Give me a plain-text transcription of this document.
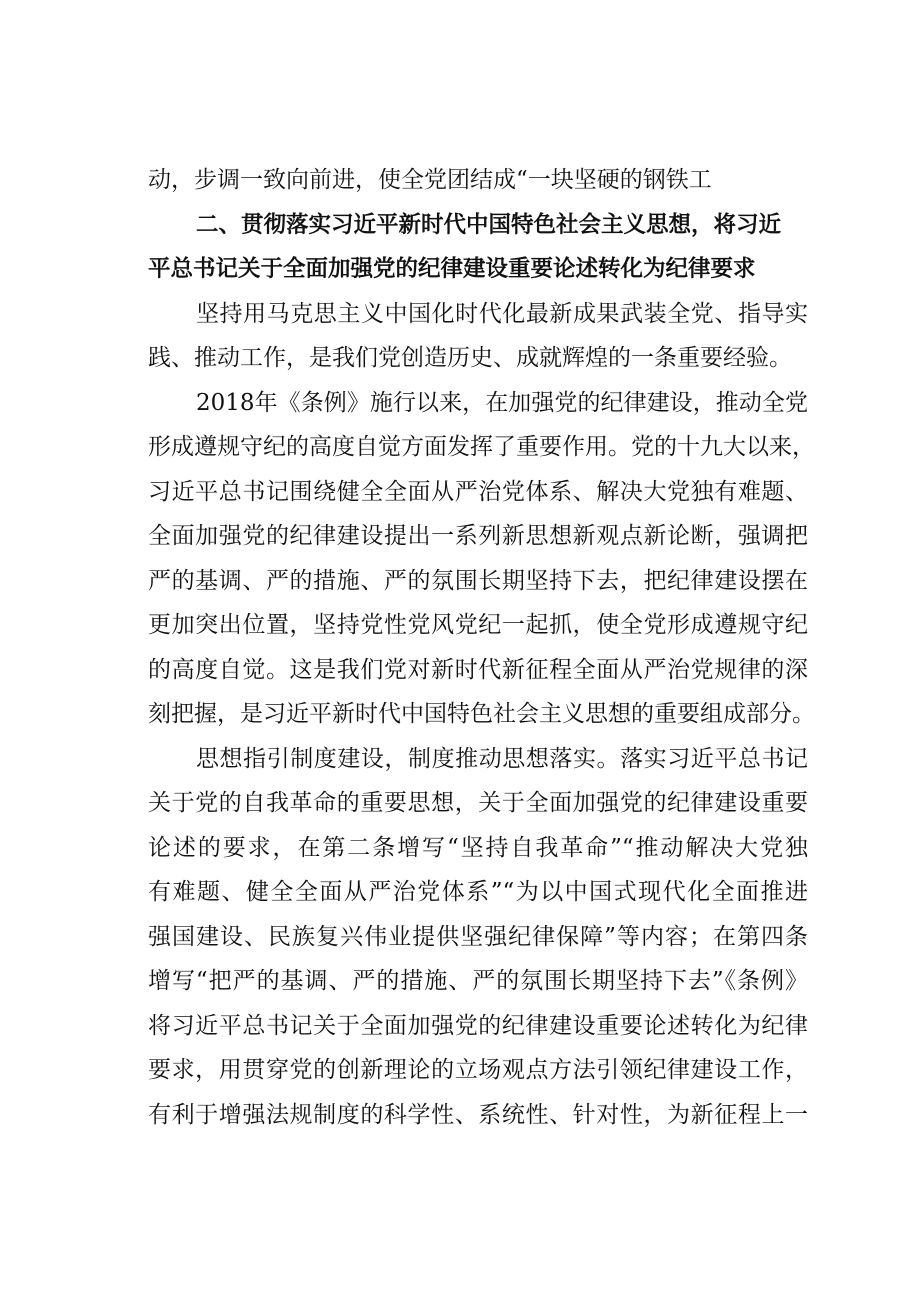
动，步调一致向前进，使全党团结成“一块坚硬的钢铁工
二、贯彻落实习近平新时代中国特色社会主义思想，将习近
平总书记关于全面加强党的纪律建设重要论述转化为纪律要求
坚持用马克思主义中国化时代化最新成果武装全党、指导实
践、推动工作，是我们党创造历史、成就辉煌的一条重要经验。
2018年《条例》施行以来，在加强党的纪律建设，推动全党
形成遵规守纪的高度自觉方面发挥了重要作用。党的十九大以来，
习近平总书记围绕健全全面从严治党体系、解决大党独有难题、
全面加强党的纪律建设提出一系列新思想新观点新论断，强调把
严的基调、严的措施、严的氛围长期坚持下去，把纪律建设摆在
更加突出位置，坚持党性党风党纪一起抓，使全党形成遵规守纪
的高度自觉。这是我们党对新时代新征程全面从严治党规律的深
刻把握，是习近平新时代中国特色社会主义思想的重要组成部分。
思想指引制度建设，制度推动思想落实。落实习近平总书记
关于党的自我革命的重要思想，关于全面加强党的纪律建设重要
论述的要求，在第二条增写“坚持自我革命”“推动解决大党独
有难题、健全全面从严治党体系”“为以中国式现代化全面推进
强国建设、民族复兴伟业提供坚强纪律保障”等内容；在第四条
增写“把严的基调、严的措施、严的氛围长期坚持下去”《条例》
将习近平总书记关于全面加强党的纪律建设重要论述转化为纪律
要求，用贯穿党的创新理论的立场观点方法引领纪律建设工作，
有利于增强法规制度的科学性、系统性、针对性，为新征程上一
